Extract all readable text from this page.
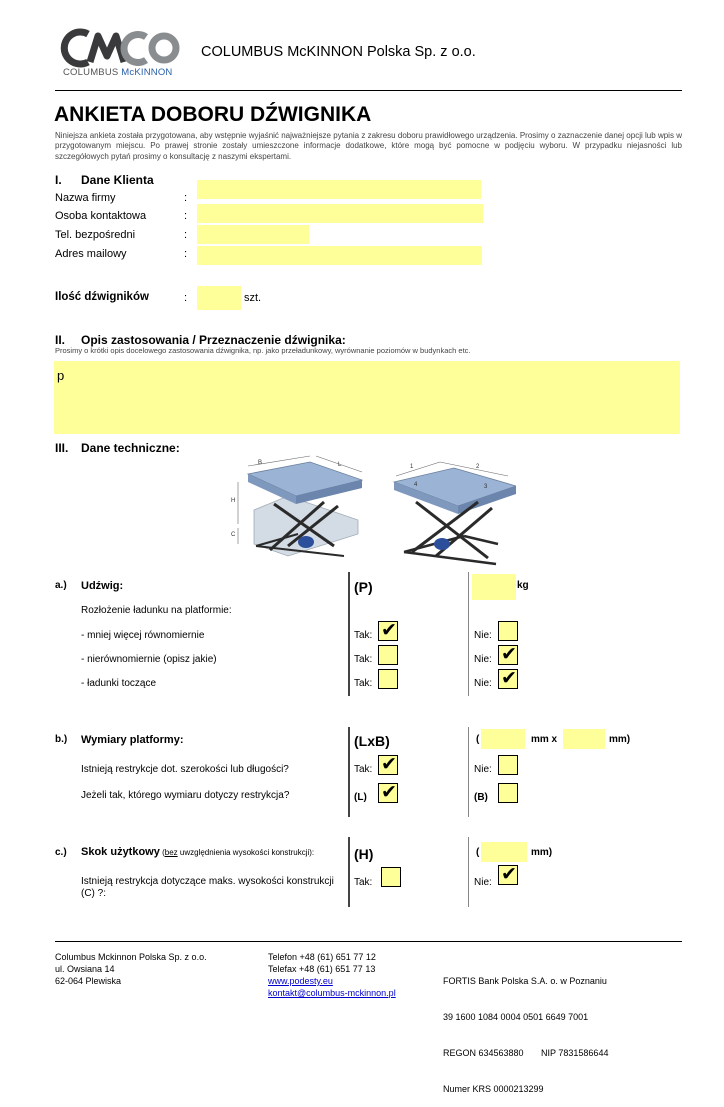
COLUMBUS McKINNON
COLUMBUS McKINNON Polska Sp. z o.o.
ANKIETA DOBORU DŹWIGNIKA
Niniejsza ankieta została przygotowana, aby wstępnie wyjaśnić najważniejsze pytania z zakresu doboru prawidłowego urządzenia. Prosimy o zaznaczenie danej opcji lub wpis w przygotowanym miejscu. Po prawej stronie zostały umieszczone informacje dodatkowe, które mogą być pomocne w podjęciu wyboru. W przypadku niejasności lub szczegółowych pytań prosimy o konsultację z naszymi ekspertami.
I. Dane Klienta
Nazwa firmy	:
Osoba kontaktowa	:
Tel. bezpośredni	:
Adres mailowy	:
Ilość dźwigników	:	szt.
II. Opis zastosowania / Przeznaczenie dźwignika:
Prosimy o krótki opis docelowego zastosowania dźwignika, np. jako przeładunkowy, wyrównanie poziomów w budynkach etc.
p
III. Dane techniczne:
B	L
H
C
1	2
3
4
a.) Udźwig:	(P)	kg
Rozłożenie ładunku na platformie:
- mniej więcej równomiernie	Tak: ✔	Nie:
- nierównomiernie (opisz jakie)	Tak:	Nie: ✔
- ładunki toczące	Tak:	Nie: ✔
b.) Wymiary platformy:	(LxB)	(	mm x	mm)
Istnieją restrykcje dot. szerokości lub długości?	Tak: ✔	Nie:
Jeżeli tak, którego wymiaru dotyczy restrykcja?	(L) ✔	(B)
c.) Skok użytkowy (bez uwzględnienia wysokości konstrukcji):	(H)	(	mm)
Istnieją restrykcja dotyczące maks. wysokości konstrukcji (C) ?:
Tak:	Nie: ✔
Columbus Mckinnon Polska Sp. z o.o.
ul. Owsiana 14
62-064 Plewiska
Telefon +48 (61) 651 77 12
Telefax +48 (61) 651 77 13
www.podesty.eu
kontakt@columbus-mckinnon.pl

FORTIS Bank Polska S.A. o. w Poznaniu

39 1600 1084 0004 0501 6649 7001

REGON 634563880       NIP 7831586644

Numer KRS 0000213299
